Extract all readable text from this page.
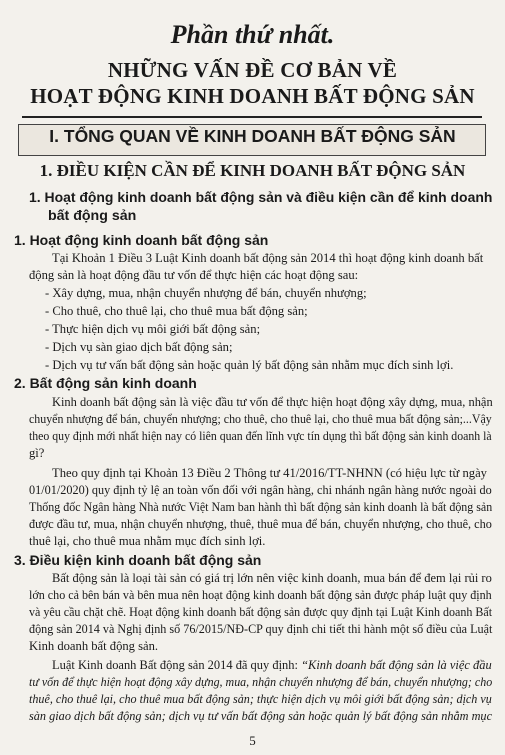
Phần thứ nhất.
NHỮNG VẤN ĐỀ CƠ BẢN VỀ
HOẠT ĐỘNG KINH DOANH BẤT ĐỘNG SẢN
I. TỔNG QUAN VỀ KINH DOANH BẤT ĐỘNG SẢN
1. ĐIỀU KIỆN CẦN ĐỂ KINH DOANH BẤT ĐỘNG SẢN
1. Hoạt động kinh doanh bất động sản và điều kiện cần để kinh doanh
bất động sản
1. Hoạt động kinh doanh bất động sản
Tại Khoản 1 Điều 3 Luật Kinh doanh bất động sản 2014 thì hoạt động kinh doanh bất
động sản là hoạt động đầu tư vốn để thực hiện các hoạt động sau:
- Xây dựng, mua, nhận chuyển nhượng để bán, chuyển nhượng;
- Cho thuê, cho thuê lại, cho thuê mua bất động sản;
- Thực hiện dịch vụ môi giới bất động sản;
- Dịch vụ sàn giao dịch bất động sản;
- Dịch vụ tư vấn bất động sản hoặc quản lý bất động sản nhằm mục đích sinh lợi.
2. Bất động sản kinh doanh
Kinh doanh bất động sản là việc đầu tư vốn để thực hiện hoạt động xây dựng, mua, nhận
chuyển nhượng để bán, chuyển nhượng; cho thuê, cho thuê lại, cho thuê mua bất động sản;...Vậy
theo quy định mới nhất hiện nay có liên quan đến lĩnh vực tín dụng thì bất động sản kinh doanh là
gì?
Theo quy định tại Khoản 13 Điều 2 Thông tư 41/2016/TT-NHNN (có hiệu lực từ ngày
01/01/2020) quy định tỷ lệ an toàn vốn đối với ngân hàng, chi nhánh ngân hàng nước ngoài do
Thống đốc Ngân hàng Nhà nước Việt Nam ban hành thì bất động sản kinh doanh là bất động sản
được đầu tư, mua, nhận chuyển nhượng, thuê, thuê mua để bán, chuyển nhượng, cho thuê, cho
thuê lại, cho thuê mua nhằm mục đích sinh lợi.
3. Điều kiện kinh doanh bất động sản
Bất động sản là loại tài sản có giá trị lớn nên việc kinh doanh, mua bán để đem lại rủi ro
lớn cho cả bên bán và bên mua nên hoạt động kinh doanh bất động sản được pháp luật quy định
và yêu cầu chặt chẽ. Hoạt động kinh doanh bất động sản được quy định tại Luật Kinh doanh Bất
động sản 2014 và Nghị định số 76/2015/NĐ-CP quy định chi tiết thi hành một số điều của Luật
Kinh doanh bất động sản.
Luật Kinh doanh Bất động sản 2014 đã quy định: “Kinh doanh bất động sản là việc đầu
tư vốn để thực hiện hoạt động xây dựng, mua, nhận chuyển nhượng để bán, chuyển nhượng; cho
thuê, cho thuê lại, cho thuê mua bất động sản; thực hiện dịch vụ môi giới bất động sản; dịch vụ
sàn giao dịch bất động sản; dịch vụ tư vấn bất động sản hoặc quản lý bất động sản nhằm mục
5
